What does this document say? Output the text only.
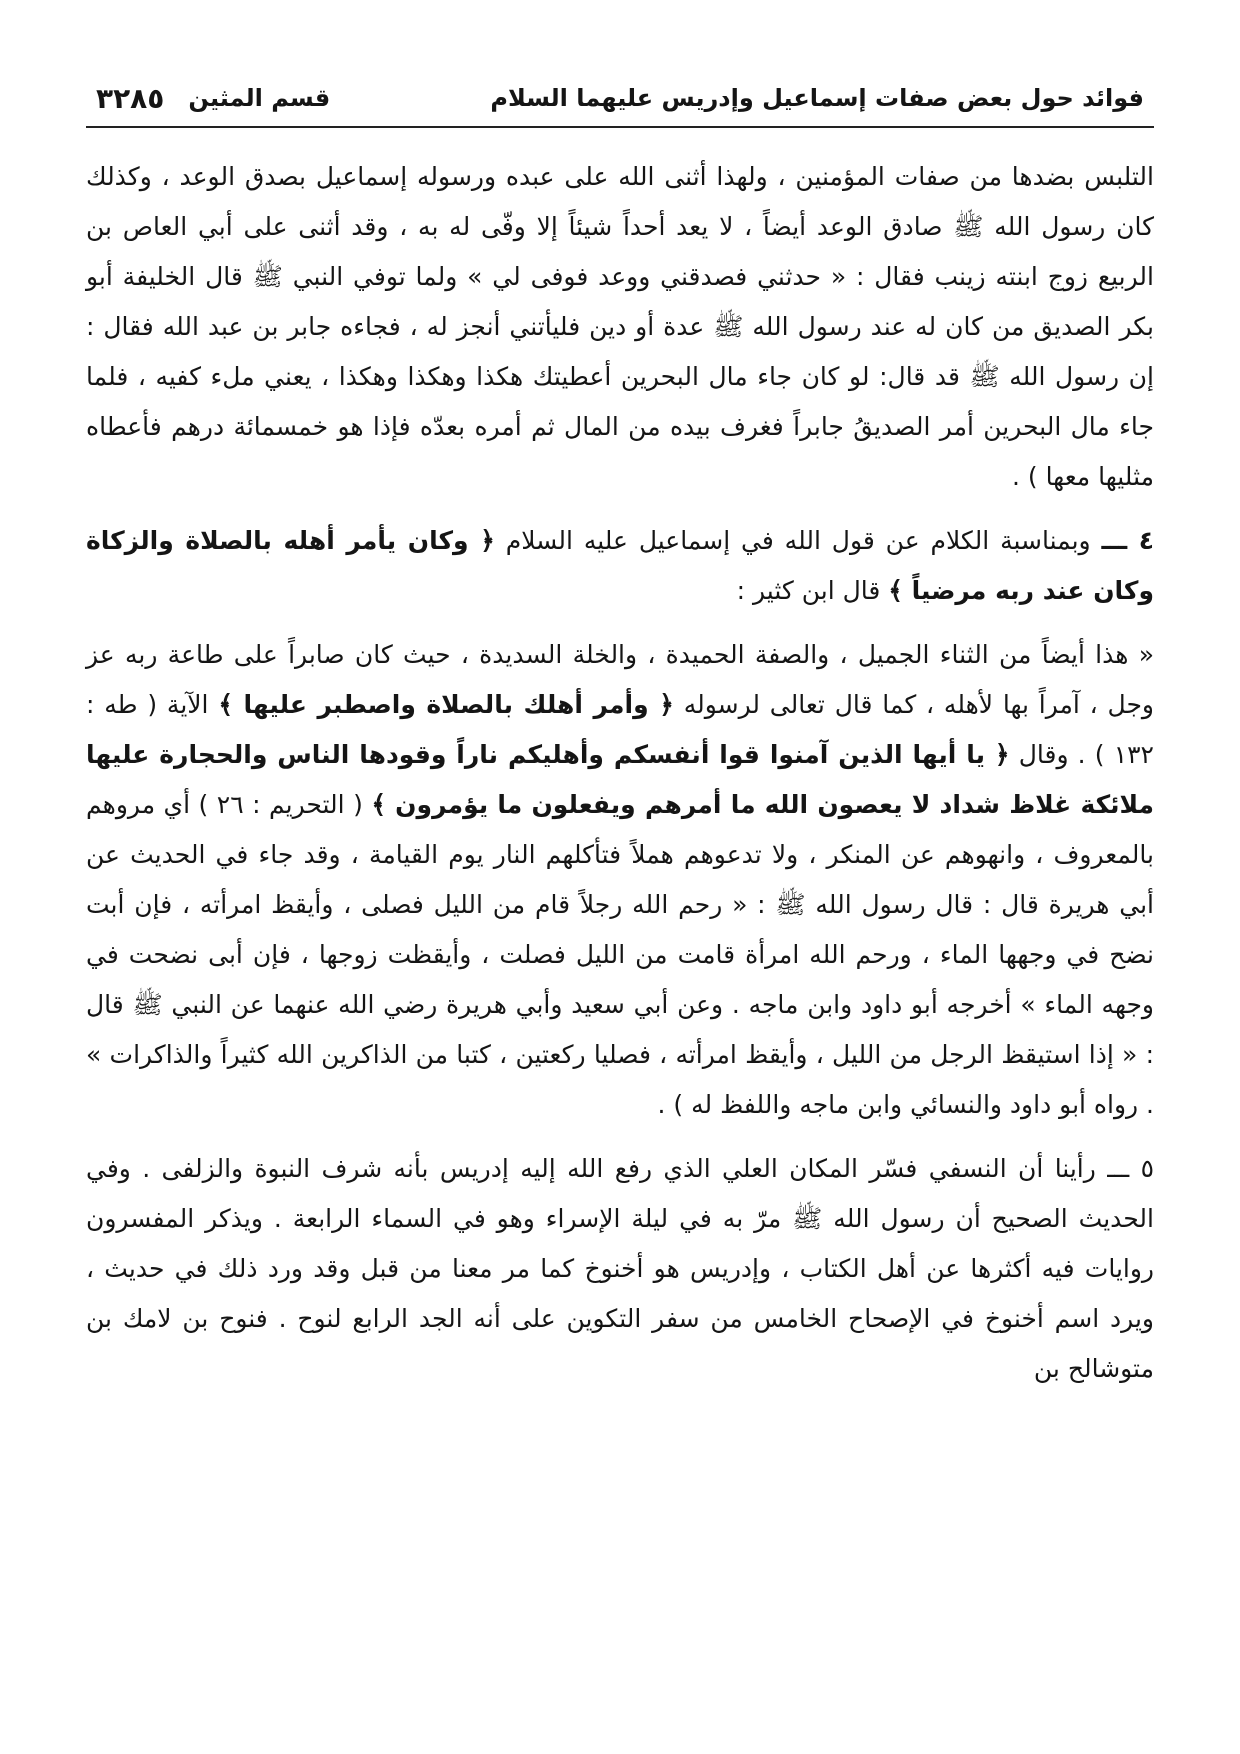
فوائد حول بعض صفات إسماعيل وإدريس عليهما السلام
قسم المثين
٣٢٨٥

التلبس بضدها من صفات المؤمنين ، ولهذا أثنى الله على عبده ورسوله إسماعيل بصدق الوعد ، وكذلك كان رسول الله ﷺ صادق الوعد أيضاً ، لا يعد أحداً شيئاً إلا وفّى له به ، وقد أثنى على أبي العاص بن الربيع زوج ابنته زينب فقال : « حدثني فصدقني ووعد فوفى لي » ولما توفي النبي ﷺ قال الخليفة أبو بكر الصديق من كان له عند رسول الله ﷺ عدة أو دين فليأتني أنجز له ، فجاءه جابر بن عبد الله فقال : إن رسول الله ﷺ قد قال: لو كان جاء مال البحرين أعطيتك هكذا وهكذا وهكذا ، يعني ملء كفيه ، فلما جاء مال البحرين أمر الصديقُ جابراً فغرف بيده من المال ثم أمره بعدّه فإذا هو خمسمائة درهم فأعطاه مثليها معها ) .

٤ ـــ وبمناسبة الكلام عن قول الله في إسماعيل عليه السلام ﴿ وكان يأمر أهله بالصلاة والزكاة وكان عند ربه مرضياً ﴾ قال ابن كثير :

« هذا أيضاً من الثناء الجميل ، والصفة الحميدة ، والخلة السديدة ، حيث كان صابراً على طاعة ربه عز وجل ، آمراً بها لأهله ، كما قال تعالى لرسوله ﴿ وأمر أهلك بالصلاة واصطبر عليها ﴾ الآية ( طه : ١٣٢ ) . وقال ﴿ يا أيها الذين آمنوا قوا أنفسكم وأهليكم ناراً وقودها الناس والحجارة عليها ملائكة غلاظ شداد لا يعصون الله ما أمرهم ويفعلون ما يؤمرون ﴾ ( التحريم : ٢٦ ) أي مروهم بالمعروف ، وانهوهم عن المنكر ، ولا تدعوهم هملاً فتأكلهم النار يوم القيامة ، وقد جاء في الحديث عن أبي هريرة قال : قال رسول الله ﷺ : « رحم الله رجلاً قام من الليل فصلى ، وأيقظ امرأته ، فإن أبت نضح في وجهها الماء ، ورحم الله امرأة قامت من الليل فصلت ، وأيقظت زوجها ، فإن أبى نضحت في وجهه الماء » أخرجه أبو داود وابن ماجه . وعن أبي سعيد وأبي هريرة رضي الله عنهما عن النبي ﷺ قال : « إذا استيقظ الرجل من الليل ، وأيقظ امرأته ، فصليا ركعتين ، كتبا من الذاكرين الله كثيراً والذاكرات » . رواه أبو داود والنسائي وابن ماجه واللفظ له ) .

٥ ـــ رأينا أن النسفي فسّر المكان العلي الذي رفع الله إليه إدريس بأنه شرف النبوة والزلفى . وفي الحديث الصحيح أن رسول الله ﷺ مرّ به في ليلة الإسراء وهو في السماء الرابعة . ويذكر المفسرون روايات فيه أكثرها عن أهل الكتاب ، وإدريس هو أخنوخ كما مر معنا من قبل وقد ورد ذلك في حديث ، ويرد اسم أخنوخ في الإصحاح الخامس من سفر التكوين على أنه الجد الرابع لنوح . فنوح بن لامك بن متوشالح بن
